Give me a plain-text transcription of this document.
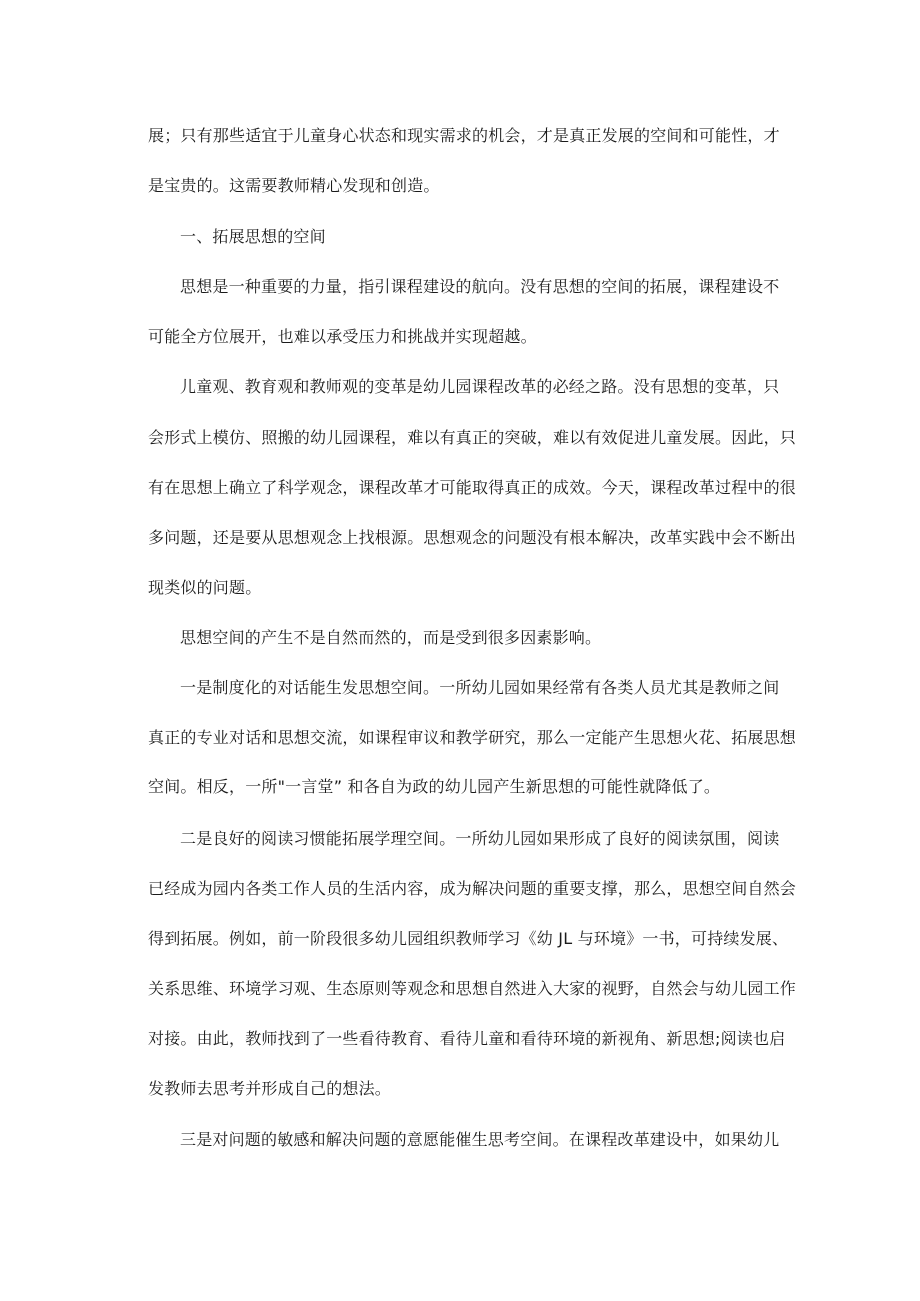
展；只有那些适宜于儿童身心状态和现实需求的机会，才是真正发展的空间和可能性，才
是宝贵的。这需要教师精心发现和创造。
一、拓展思想的空间
思想是一种重要的力量，指引课程建设的航向。没有思想的空间的拓展，课程建设不
可能全方位展开，也难以承受压力和挑战并实现超越。
儿童观、教育观和教师观的变革是幼儿园课程改革的必经之路。没有思想的变革，只
会形式上模仿、照搬的幼儿园课程，难以有真正的突破，难以有效促进儿童发展。因此，只
有在思想上确立了科学观念，课程改革才可能取得真正的成效。今天，课程改革过程中的很
多问题，还是要从思想观念上找根源。思想观念的问题没有根本解决，改革实践中会不断出
现类似的问题。
思想空间的产生不是自然而然的，而是受到很多因素影响。
一是制度化的对话能生发思想空间。一所幼儿园如果经常有各类人员尤其是教师之间
真正的专业对话和思想交流，如课程审议和教学研究，那么一定能产生思想火花、拓展思想
空间。相反，一所"一言堂” 和各自为政的幼儿园产生新思想的可能性就降低了。
二是良好的阅读习惯能拓展学理空间。一所幼儿园如果形成了良好的阅读氛围，阅读
已经成为园内各类工作人员的生活内容，成为解决问题的重要支撑，那么，思想空间自然会
得到拓展。例如，前一阶段很多幼儿园组织教师学习《幼 JL 与环境》一书，可持续发展、
关系思维、环境学习观、生态原则等观念和思想自然进入大家的视野，自然会与幼儿园工作
对接。由此，教师找到了一些看待教育、看待儿童和看待环境的新视角、新思想;阅读也启
发教师去思考并形成自己的想法。
三是对问题的敏感和解决问题的意愿能催生思考空间。在课程改革建设中，如果幼儿
